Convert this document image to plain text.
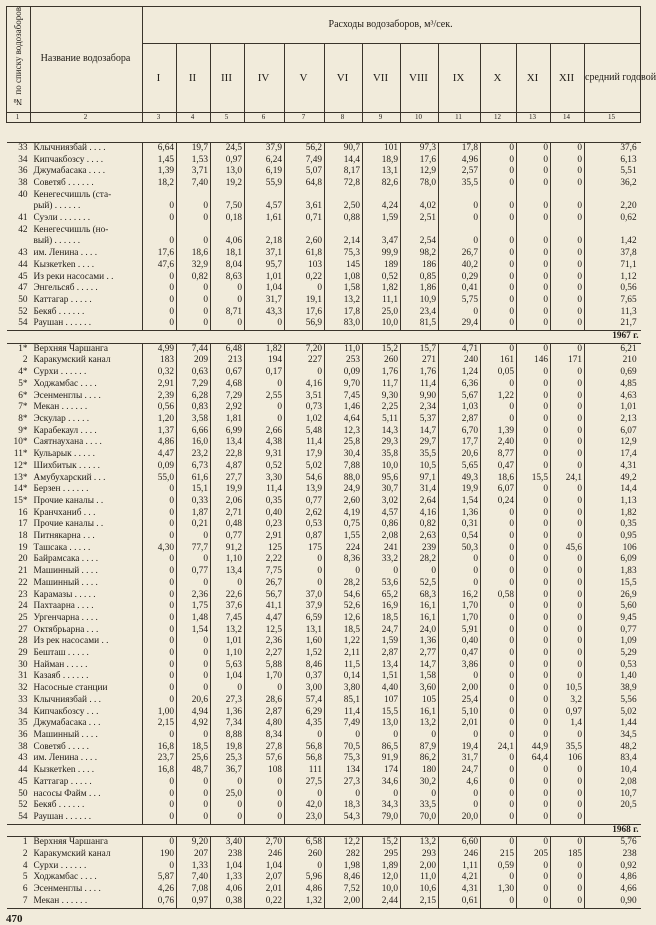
№ по списку водозаборов	Название водозабора	Расходы водозаборов, м³/сек.												
		I	II	III	IV	V	VI	VII	VIII	IX	X	XI	XII	средний годовой
1	2	3	4	5	6	7	8	9	10	11	12	13	14	15

33	Клычниязбай . . . .	6,64	19,7	24,5	37,9	56,2	90,7	101	97,3	17,8	0	0	0	37,6
34	Кипчакбозсу . . . .	1,45	1,53	0,97	6,24	7,49	14,4	18,9	17,6	4,96	0	0	0	6,13
36	Джумабасака . . . .	1,39	3,71	13,0	6,19	5,07	8,17	13,1	12,9	2,57	0	0	0	5,51
38	Советяб . . . . . .	18,2	7,40	19,2	55,9	64,8	72,8	82,6	78,0	35,5	0	0	0	36,2
40	Кенегесчишль (ста-													
	рый) . . . . . .	0	0	7,50	4,57	3,61	2,50	4,24	4,02	0	0	0	0	2,20
41	Суэли . . . . . . .	0	0	0,18	1,61	0,71	0,88	1,59	2,51	0	0	0	0	0,62
42	Кенегесчишль (но-													
	вый) . . . . . .	0	0	4,06	2,18	2,60	2,14	3,47	2,54	0	0	0	0	1,42
43	им. Ленина . . . .	17,6	18,6	18,1	37,1	61,8	75,3	99,9	98,2	26,7	0	0	0	37,8
44	Кызкетken . . . .	47,6	32,9	8,04	95,7	103	145	189	186	40,2	0	0	0	71,1
45	Из реки насосами . .	0	0,82	8,63	1,01	0,22	1,08	0,52	0,85	0,29	0	0	0	1,12
47	Энгельсяб . . . . .	0	0	0	1,04	0	1,58	1,82	1,86	0,41	0	0	0	0,56
50	Каттагар . . . . .	0	0	0	31,7	19,1	13,2	11,1	10,9	5,75	0	0	0	7,65
52	Бекяб . . . . . .	0	0	8,71	43,3	17,6	17,8	25,0	23,4	0	0	0	0	11,3
54	Раушан . . . . . .	0	0	0	0	56,9	83,0	10,0	81,5	29,4	0	0	0	21,7
1967 г.														
1*	Верхняя Чаршанга	4,99	7,44	6,48	1,82	7,20	11,0	15,2	15,7	4,71	0	0	0	6,21
2	Каракумский канал	183	209	213	194	227	253	260	271	240	161	146	171	210
4*	Сурхи . . . . . .	0,32	0,63	0,67	0,17	0	0,09	1,76	1,76	1,24	0,05	0	0	0,69
5*	Ходжамбас . . . .	2,91	7,29	4,68	0	4,16	9,70	11,7	11,4	6,36	0	0	0	4,85
6*	Эсенменглы . . . .	2,39	6,28	7,29	2,55	3,51	7,45	9,30	9,90	5,67	1,22	0	0	4,63
7*	Мекан . . . . . .	0,56	0,83	2,92	0	0,73	1,46	2,25	2,34	1,03	0	0	0	1,01
8*	Эскулар . . . . .	1,20	3,58	1,81	0	1,02	4,64	5,11	5,37	2,87	0	0	0	2,13
9*	Карабекаул . . . .	1,37	6,66	6,99	2,66	5,48	12,3	14,3	14,7	6,70	1,39	0	0	6,07
10*	Саятнаухана . . . .	4,86	16,0	13,4	4,38	11,4	25,8	29,3	29,7	17,7	2,40	0	0	12,9
11*	Кульарык . . . . .	4,47	23,2	22,8	9,31	17,9	30,4	35,8	35,5	20,6	8,77	0	0	17,4
12*	Шихбитык . . . . .	0,09	6,73	4,87	0,52	5,02	7,88	10,0	10,5	5,65	0,47	0	0	4,31
13*	Амубухарский . . .	55,0	61,6	27,7	3,30	54,6	88,0	95,6	97,1	49,3	18,6	15,5	24,1	49,2
14*	Берзен . . . . . .	0	15,1	19,9	11,4	13,9	24,9	30,7	31,4	19,9	6,07	0	0	14,4
15*	Прочие каналы . .	0	0,33	2,06	0,35	0,77	2,60	3,02	2,64	1,54	0,24	0	0	1,13
16	Кранчханиб . . .	0	1,87	2,71	0,40	2,62	4,19	4,57	4,16	1,36	0	0	0	1,82
17	Прочие каналы . .	0	0,21	0,48	0,23	0,53	0,75	0,86	0,82	0,31	0	0	0	0,35
18	Питнякарна . . .	0	0	0,77	2,91	0,87	1,55	2,08	2,63	0,54	0	0	0	0,95
19	Ташсака . . . . .	4,30	77,7	91,2	125	175	224	241	239	50,3	0	0	45,6	106
20	Байрамсака . . . .	0	0	1,10	2,22	0	8,36	33,2	28,2	0	0	0	0	6,09
21	Машинный . . . .	0	0,77	13,4	7,75	0	0	0	0	0	0	0	0	1,83
22	Машинный . . . .	0	0	0	26,7	0	28,2	53,6	52,5	0	0	0	0	15,5
23	Карамазы . . . . .	0	2,36	22,6	56,7	37,0	54,6	65,2	68,3	16,2	0,58	0	0	26,9
24	Пахтаарна . . . .	0	1,75	37,6	41,1	37,9	52,6	16,9	16,1	1,70	0	0	0	5,60
25	Ургенчарна . . . .	0	1,48	7,45	4,47	6,59	12,6	18,5	16,1	1,70	0	0	0	9,45
27	Октябрьарна . . .	0	1,54	13,2	12,5	13,1	18,5	24,7	24,0	5,91	0	0	0	0,77
28	Из рек насосами . .	0	0	1,01	2,36	1,60	1,22	1,59	1,36	0,40	0	0	0	1,09
29	Бешташ . . . . .	0	0	1,10	2,27	1,52	2,11	2,87	2,77	0,47	0	0	0	5,29
30	Найман . . . . .	0	0	5,63	5,88	8,46	11,5	13,4	14,7	3,86	0	0	0	0,53
31	Казаяб . . . . . .	0	0	1,04	1,70	0,37	0,14	1,51	1,58	0	0	0	0	1,40
32	Насосные станции	0	0	0	0	3,00	3,80	4,40	3,60	2,00	0	0	10,5	38,9
33	Клычниязбай . . .	0	20,6	27,3	28,6	57,4	85,1	107	105	25,4	0	0	3,2	5,56
34	Кипчакбозсу . . .	1,00	4,94	1,36	2,87	6,29	11,4	15,5	16,1	5,10	0	0	0,97	5,02
35	Джумабасака . . .	2,15	4,92	7,34	4,80	4,35	7,49	13,0	13,2	2,01	0	0	1,4	1,44
36	Машинный . . . .	0	0	8,88	8,34	0	0	0	0	0	0	0	0	34,5
38	Советяб . . . . .	16,8	18,5	19,8	27,8	56,8	70,5	86,5	87,9	19,4	24,1	44,9	35,5	48,2
43	им. Ленина . . . .	23,7	25,6	25,3	57,6	56,8	75,3	91,9	86,2	31,7	0	64,4	106	83,4
44	Кызкетken . . . .	16,8	48,7	36,7	108	111	134	174	180	24,7	0	0	0	10,4
45	Каттагар . . . . .	0	0	0	0	27,5	27,3	34,6	30,2	4,6	0	0	0	2,08
50	насосы Файм . . .	0	0	25,0	0	0	0	0	0	0	0	0	0	10,7
52	Бекяб . . . . . .	0	0	0	0	42,0	18,3	34,3	33,5	0	0	0	0	20,5
54	Раушан . . . . . .	0	0	0	0	23,0	54,3	79,0	70,0	20,0	0	0	0	
1968 г.														
1	Верхняя Чаршанга	0	9,20	3,40	2,70	6,58	12,2	15,2	13,2	6,60	0	0	0	5,76
2	Каракумский канал	190	207	238	246	260	282	295	293	246	215	205	185	238
4	Сурхи . . . . . .	0	1,33	1,04	1,04	0	1,98	1,89	2,00	1,11	0,59	0	0	0,92
5	Ходжамбас . . . .	5,87	7,40	1,33	2,07	5,96	8,46	12,0	11,0	4,21	0	0	0	4,86
6	Эсенменглы . . . .	4,26	7,08	4,06	2,01	4,86	7,52	10,0	10,6	4,31	1,30	0	0	4,66
7	Мекан . . . . . .	0,76	0,97	0,38	0,22	1,32	2,00	2,44	2,15	0,61	0	0	0	0,90
470
